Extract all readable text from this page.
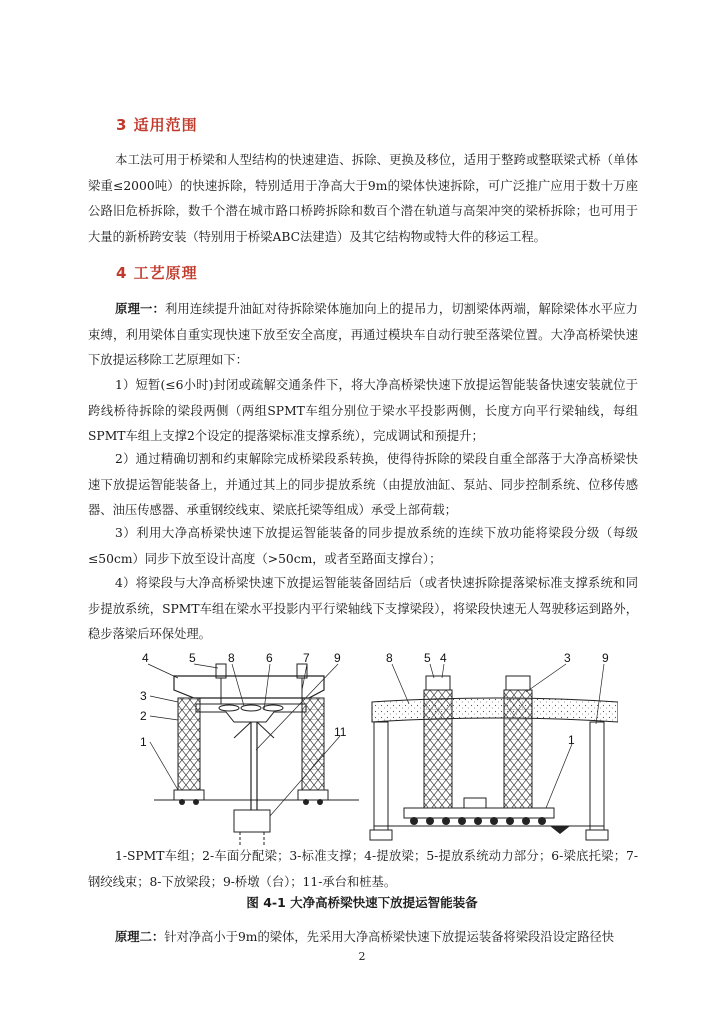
3 适用范围
本工法可用于桥梁和人型结构的快速建造、拆除、更换及移位，适用于整跨或整联梁式桥（单体梁重≤2000吨）的快速拆除，特别适用于净高大于9m的梁体快速拆除，可广泛推广应用于数十万座公路旧危桥拆除，数千个潜在城市路口桥跨拆除和数百个潜在轨道与高架冲突的梁桥拆除；也可用于大量的新桥跨安装（特别用于桥梁ABC法建造）及其它结构物或特大件的移运工程。
4 工艺原理
原理一：利用连续提升油缸对待拆除梁体施加向上的提吊力，切割梁体两端，解除梁体水平应力束缚，利用梁体自重实现快速下放至安全高度，再通过模块车自动行驶至落梁位置。大净高桥梁快速下放提运移除工艺原理如下：
1）短暂(≤6小时)封闭或疏解交通条件下，将大净高桥梁快速下放提运智能装备快速安装就位于跨线桥待拆除的梁段两侧（两组SPMT车组分别位于梁水平投影两侧，长度方向平行梁轴线，每组SPMT车组上支撑2个设定的提落梁标准支撑系统），完成调试和预提升；
2）通过精确切割和约束解除完成桥梁段系转换，使得待拆除的梁段自重全部落于大净高桥梁快速下放提运智能装备上，并通过其上的同步提放系统（由提放油缸、泵站、同步控制系统、位移传感器、油压传感器、承重钢绞线束、梁底托梁等组成）承受上部荷载；
3）利用大净高桥梁快速下放提运智能装备的同步提放系统的连续下放功能将梁段分级（每级≤50cm）同步下放至设计高度（>50cm，或者至路面支撑台）；
4）将梁段与大净高桥梁快速下放提运智能装备固结后（或者快速拆除提落梁标准支撑系统和同步提放系统，SPMT车组在梁水平投影内平行梁轴线下支撑梁段），将梁段快速无人驾驶移运到路外，稳步落梁后环保处理。
4	5	8	6	7 9
3
2
1
11
8	5 4	3	9
1
1-SPMT车组；2-车面分配梁；3-标准支撑；4-提放梁；5-提放系统动力部分；6-梁底托梁；7-钢绞线束；8-下放梁段；9-桥墩（台）；11-承台和桩基。
图 4-1 大净高桥梁快速下放提运智能装备
原理二：针对净高小于9m的梁体，先采用大净高桥梁快速下放提运装备将梁段沿设定路径快
2
